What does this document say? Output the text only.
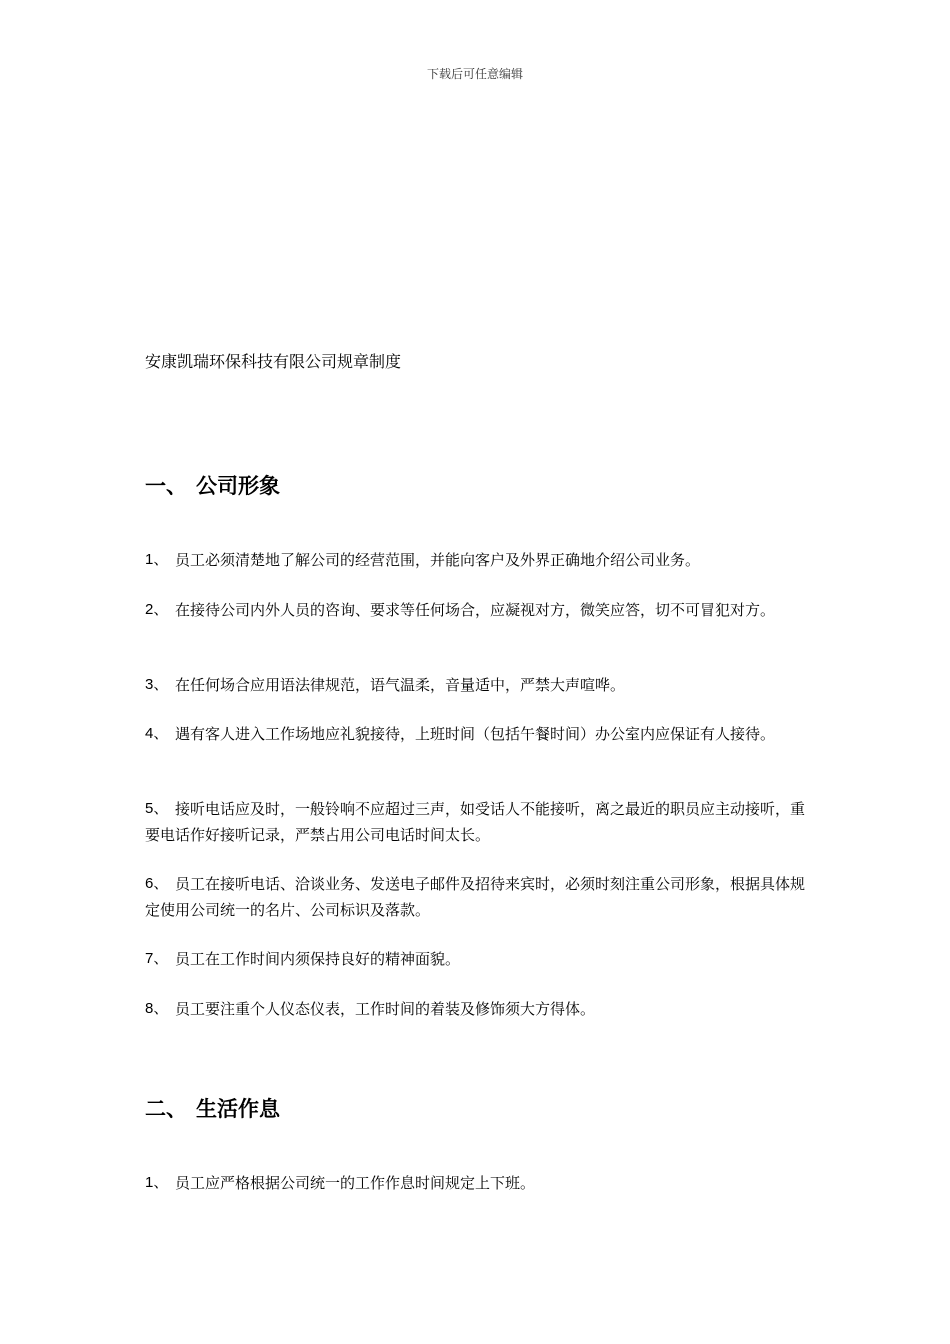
下载后可任意编辑
安康凯瑞环保科技有限公司规章制度
一、 公司形象

1、 员工必须清楚地了解公司的经营范围，并能向客户及外界正确地介绍公司业务。

2、 在接待公司内外人员的咨询、要求等任何场合，应凝视对方，微笑应答，切不可冒犯对方。

3、 在任何场合应用语法律规范，语气温柔，音量适中，严禁大声喧哗。

4、 遇有客人进入工作场地应礼貌接待，上班时间（包括午餐时间）办公室内应保证有人接待。

5、 接听电话应及时，一般铃响不应超过三声，如受话人不能接听，离之最近的职员应主动接听，重要电话作好接听记录，严禁占用公司电话时间太长。

6、 员工在接听电话、洽谈业务、发送电子邮件及招待来宾时，必须时刻注重公司形象，根据具体规定使用公司统一的名片、公司标识及落款。

7、 员工在工作时间内须保持良好的精神面貌。

8、 员工要注重个人仪态仪表，工作时间的着装及修饰须大方得体。

二、 生活作息

1、 员工应严格根据公司统一的工作作息时间规定上下班。
